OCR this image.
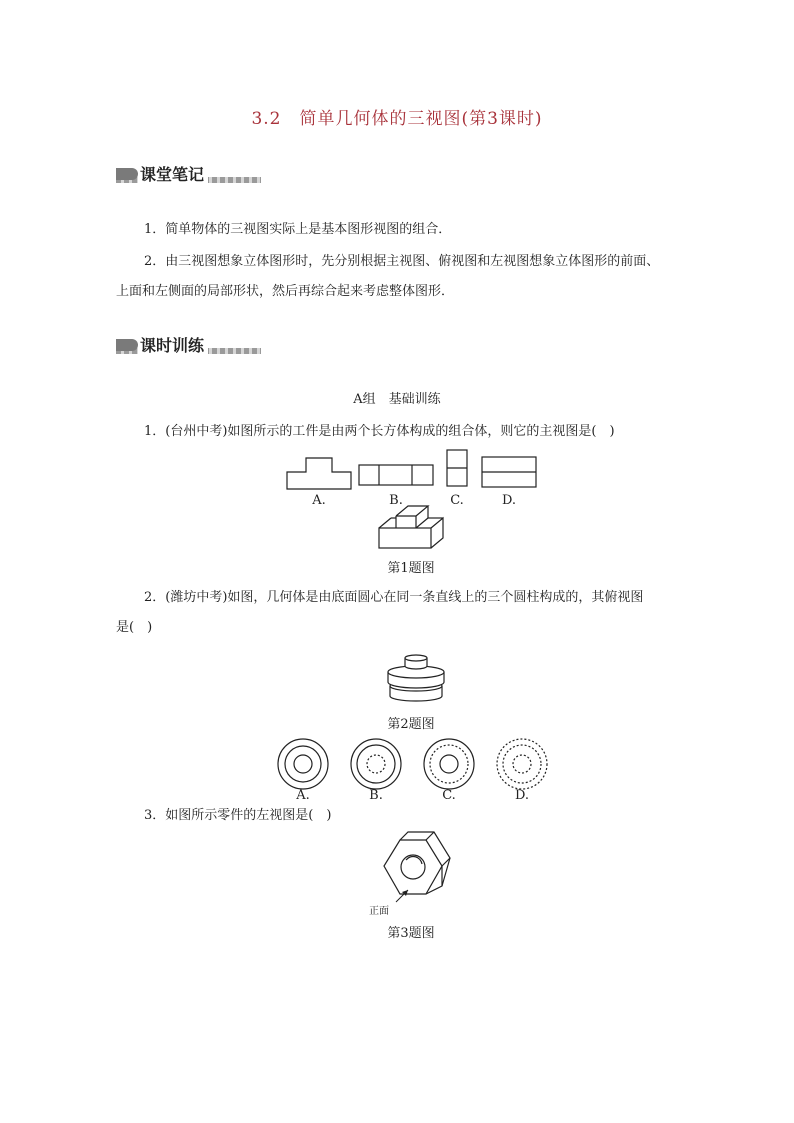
3.2　简单几何体的三视图(第3课时)
课堂笔记
1．简单物体的三视图实际上是基本图形视图的组合．
2．由三视图想象立体图形时，先分别根据主视图、俯视图和左视图想象立体图形的前面、
上面和左侧面的局部形状，然后再综合起来考虑整体图形．
课时训练
A组　基础训练
1．(台州中考)如图所示的工件是由两个长方体构成的组合体，则它的主视图是(　)
A.	B.	C.	D.
第1题图
2．(潍坊中考)如图，几何体是由底面圆心在同一条直线上的三个圆柱构成的，其俯视图
是(　)
第2题图
A.	B.	C.	D.
3．如图所示零件的左视图是(　)
正面
第3题图
